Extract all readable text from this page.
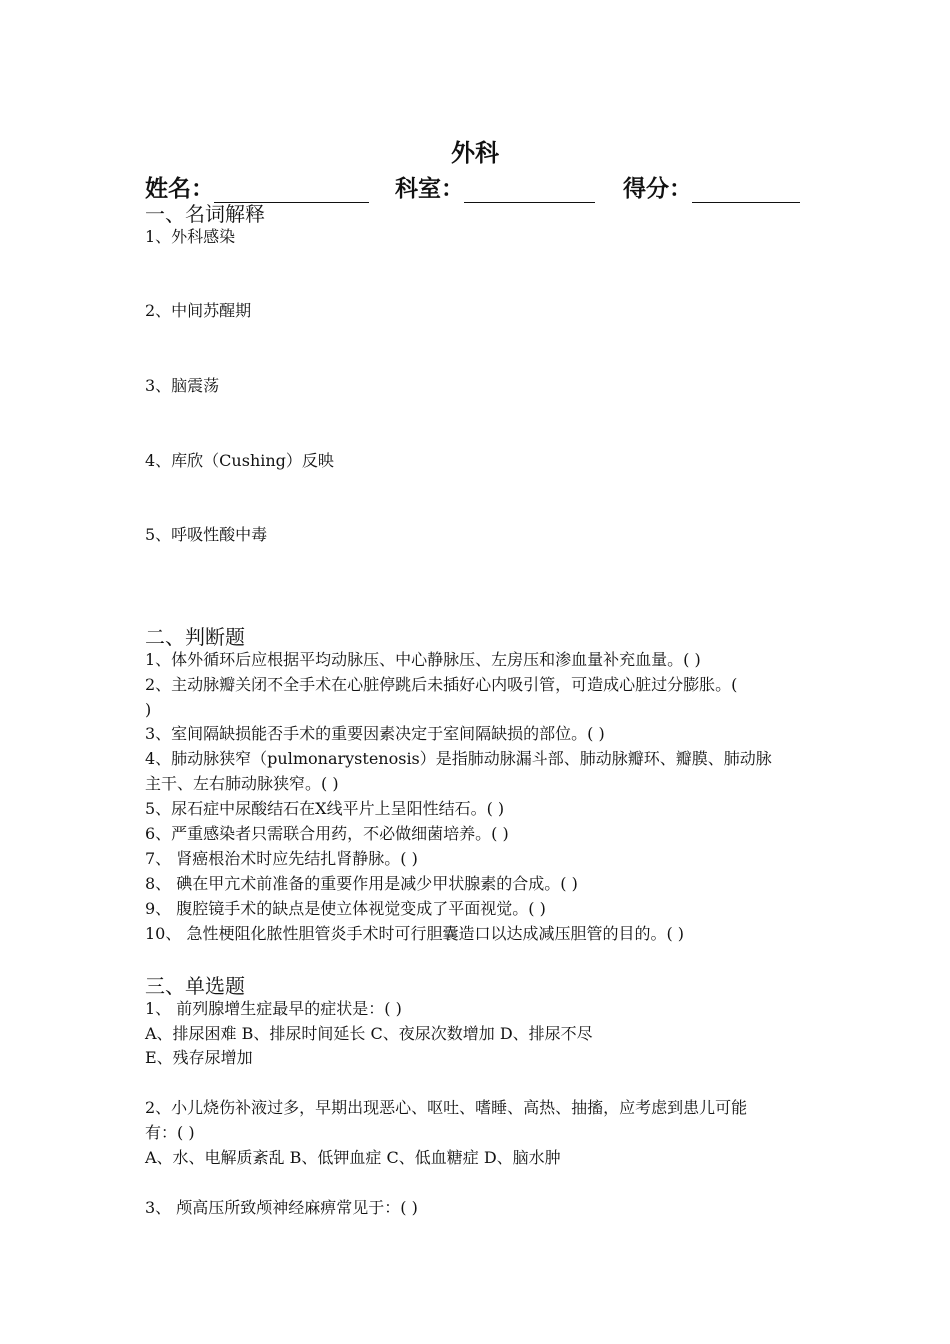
外科
姓名：	科室：	得分：
一、名词解释
1、外科感染
2、中间苏醒期
3、脑震荡
4、库欣（Cushing）反映
5、呼吸性酸中毒
二、判断题
1、体外循环后应根据平均动脉压、中心静脉压、左房压和渗血量补充血量。( )
2、主动脉瓣关闭不全手术在心脏停跳后未插好心内吸引管，可造成心脏过分膨胀。(
)
3、室间隔缺损能否手术的重要因素决定于室间隔缺损的部位。( )
4、肺动脉狭窄（pulmonarystenosis）是指肺动脉漏斗部、肺动脉瓣环、瓣膜、肺动脉
主干、左右肺动脉狭窄。( )
5、尿石症中尿酸结石在X线平片上呈阳性结石。( )
6、严重感染者只需联合用药，不必做细菌培养。( )
7、 肾癌根治术时应先结扎肾静脉。( )
8、 碘在甲亢术前准备的重要作用是减少甲状腺素的合成。( )
9、 腹腔镜手术的缺点是使立体视觉变成了平面视觉。( )
10、 急性梗阻化脓性胆管炎手术时可行胆囊造口以达成减压胆管的目的。( )
三、单选题
1、 前列腺增生症最早的症状是：( )
A、排尿困难 B、排尿时间延长 C、夜尿次数增加 D、排尿不尽
E、残存尿增加
2、小儿烧伤补液过多，早期出现恶心、呕吐、嗜睡、高热、抽搐，应考虑到患儿可能
有：( )
A、水、电解质紊乱 B、低钾血症 C、低血糖症 D、脑水肿
3、 颅高压所致颅神经麻痹常见于：( )
